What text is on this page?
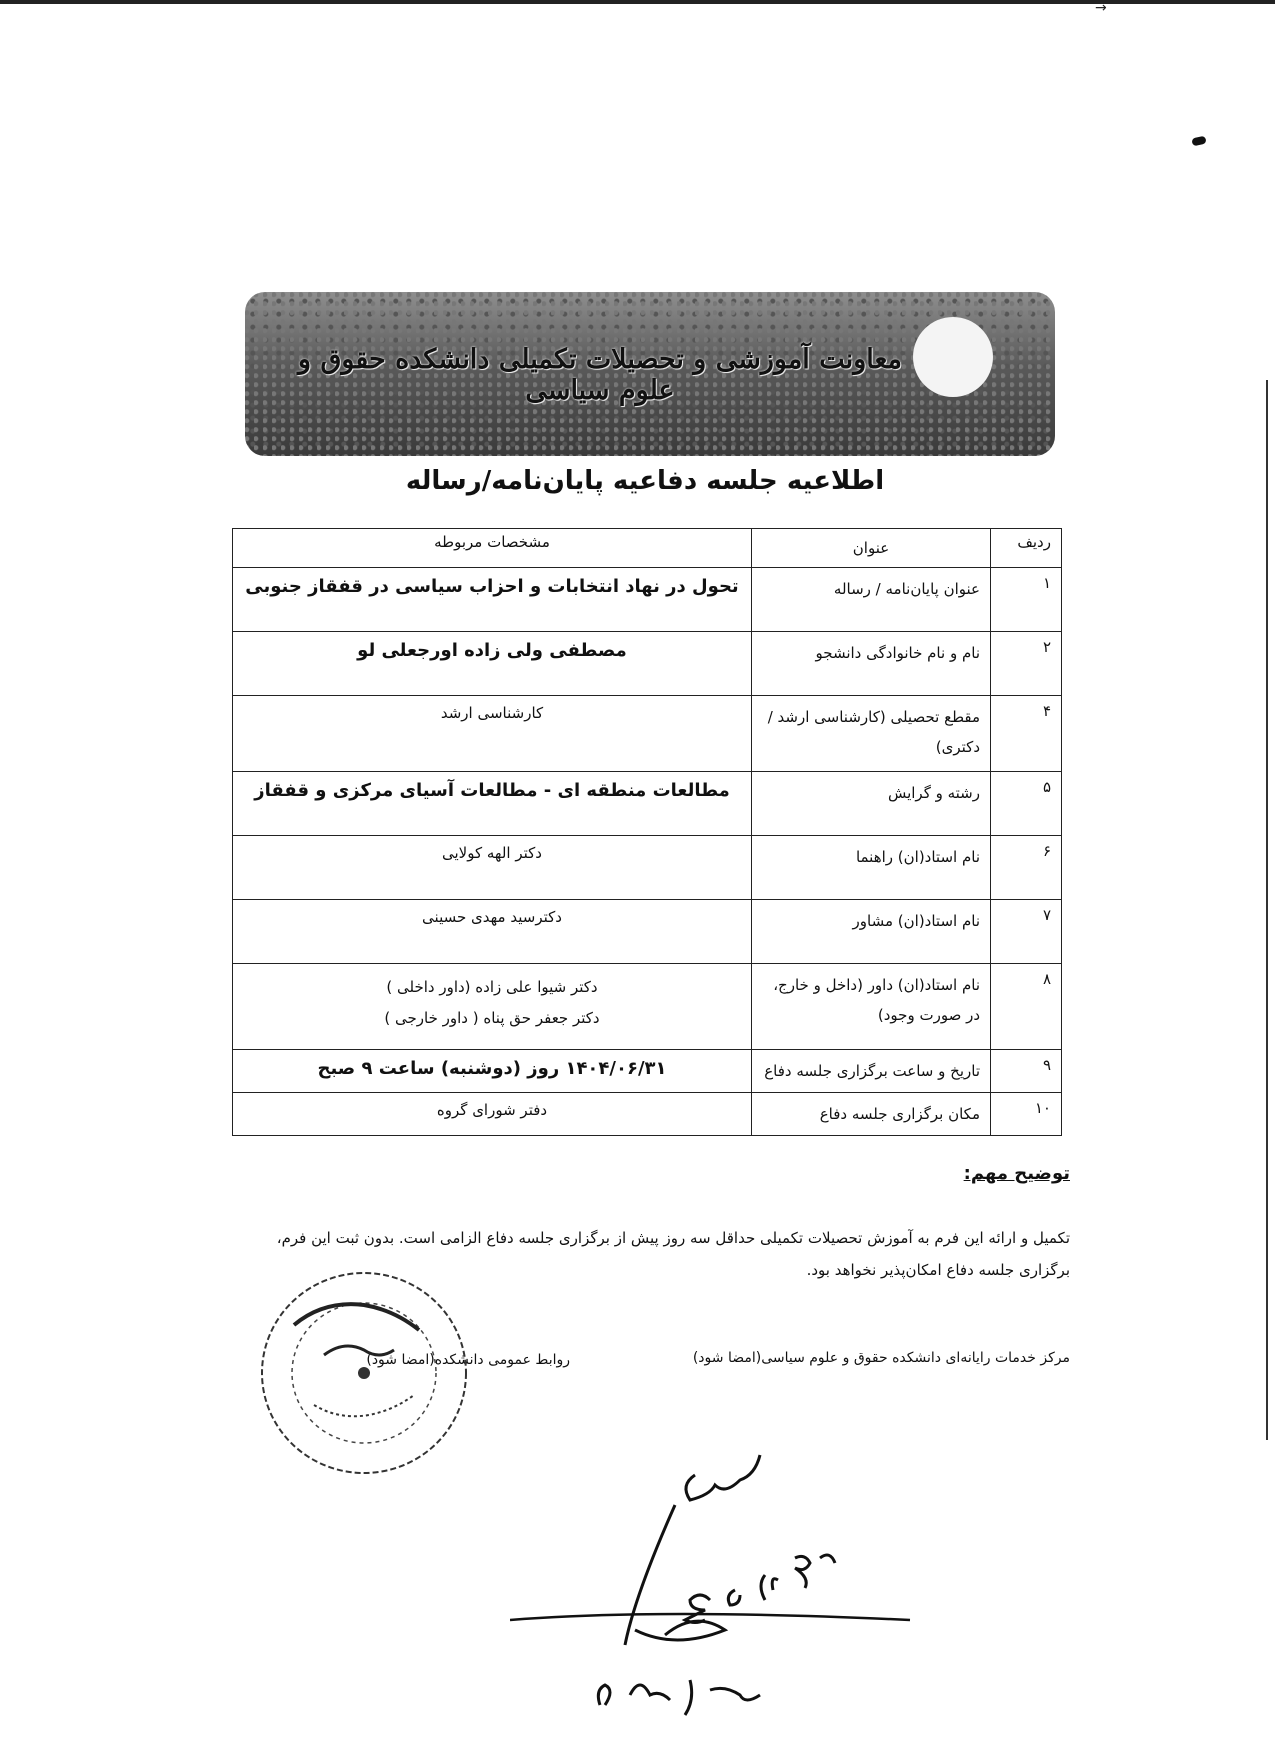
→
معاونت آموزشی و تحصیلات تکمیلی دانشکده حقوق و علوم سیاسی
اطلاعیه جلسه دفاعیه پایان‌نامه/رساله
ردیف	عنوان	مشخصات مربوطه
۱	عنوان پایان‌نامه / رساله	تحول در نهاد انتخابات و احزاب سیاسی در قفقاز جنوبی
۲	نام و نام خانوادگی دانشجو	مصطفی ولی زاده اورجعلی لو
۴	مقطع تحصیلی (کارشناسی ارشد / دکتری)	کارشناسی ارشد
۵	رشته و گرایش	مطالعات منطقه ای - مطالعات آسیای مرکزی و قفقاز
۶	نام استاد(ان) راهنما	دکتر الهه کولایی
۷	نام استاد(ان) مشاور	دکترسید مهدی حسینی
۸	نام استاد(ان) داور (داخل و خارج، در صورت وجود)	دکتر شیوا علی زاده (داور داخلی )
دکتر جعفر حق پناه ( داور خارجی )

۹	تاریخ و ساعت برگزاری جلسه دفاع	۱۴۰۴/۰۶/۳۱ روز (دوشنبه) ساعت ۹ صبح
۱۰	مکان برگزاری جلسه دفاع	دفتر شورای گروه
توضیح مهم:
تکمیل و ارائه این فرم به آموزش تحصیلات تکمیلی حداقل سه روز پیش از برگزاری جلسه دفاع الزامی است. بدون ثبت این فرم، برگزاری جلسه دفاع امکان‌پذیر نخواهد بود.
مرکز خدمات رایانه‌ای دانشکده حقوق و علوم سیاسی(امضا شود)
روابط عمومی دانشکده(امضا شود)
